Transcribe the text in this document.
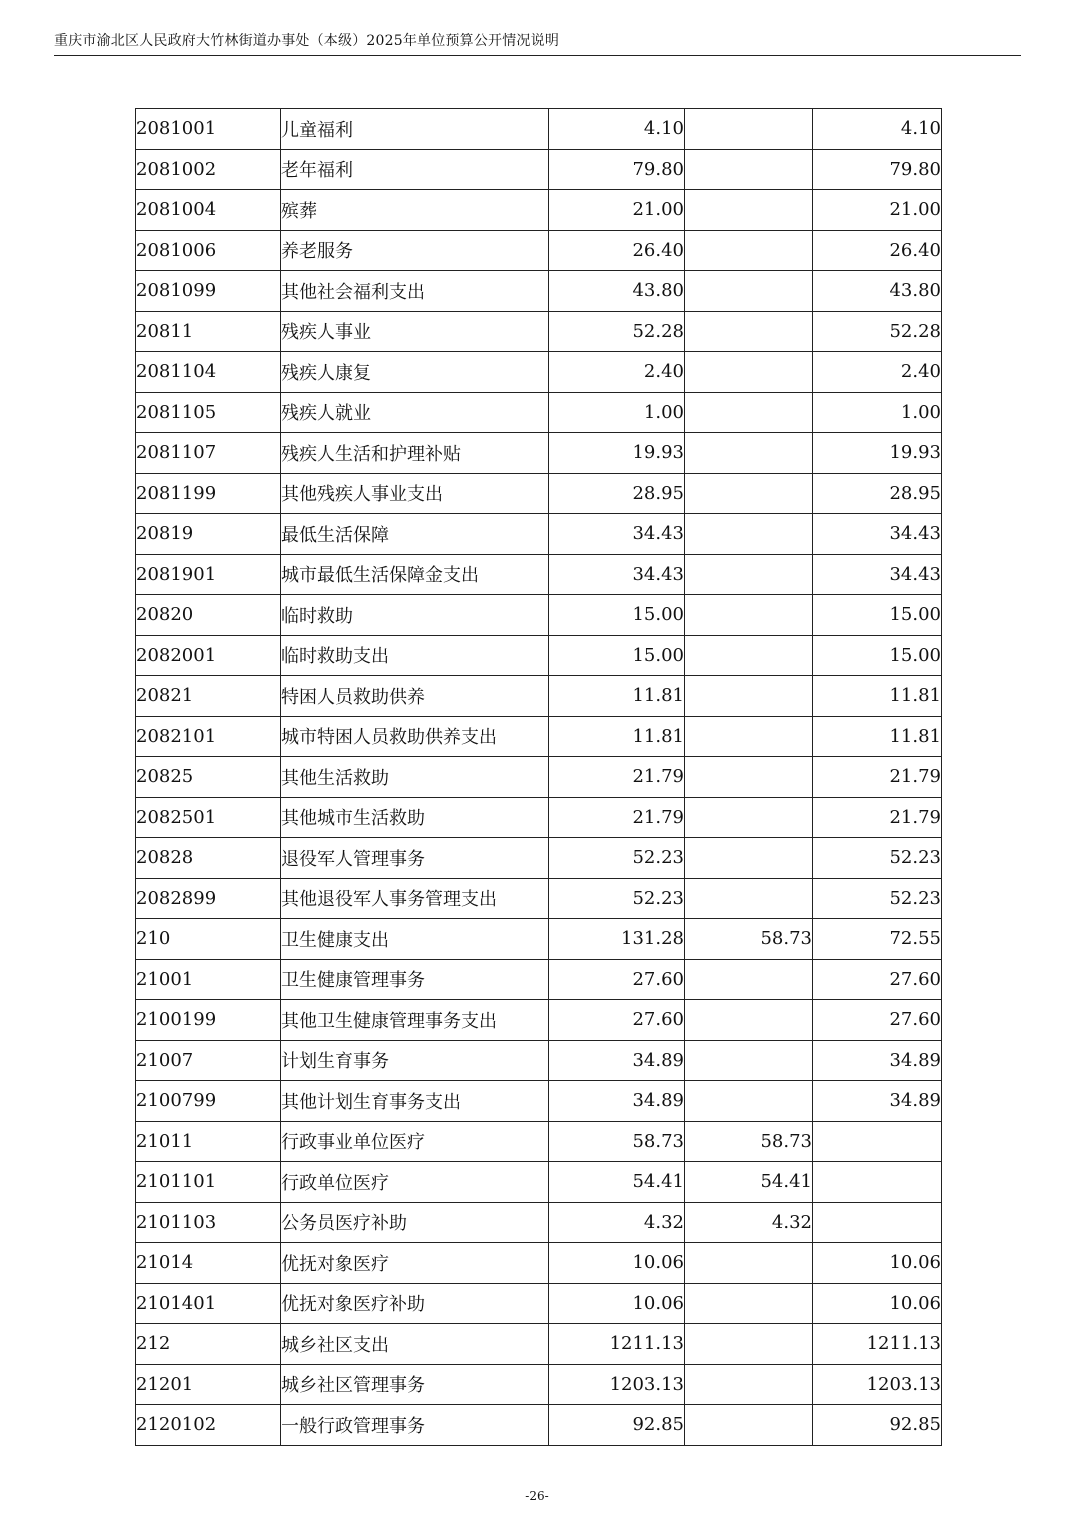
重庆市渝北区人民政府大竹林街道办事处（本级）2025年单位预算公开情况说明
2081001	儿童福利	4.10		4.10
2081002	老年福利	79.80		79.80
2081004	殡葬	21.00		21.00
2081006	养老服务	26.40		26.40
2081099	其他社会福利支出	43.80		43.80
20811	残疾人事业	52.28		52.28
2081104	残疾人康复	2.40		2.40
2081105	残疾人就业	1.00		1.00
2081107	残疾人生活和护理补贴	19.93		19.93
2081199	其他残疾人事业支出	28.95		28.95
20819	最低生活保障	34.43		34.43
2081901	城市最低生活保障金支出	34.43		34.43
20820	临时救助	15.00		15.00
2082001	临时救助支出	15.00		15.00
20821	特困人员救助供养	11.81		11.81
2082101	城市特困人员救助供养支出	11.81		11.81
20825	其他生活救助	21.79		21.79
2082501	其他城市生活救助	21.79		21.79
20828	退役军人管理事务	52.23		52.23
2082899	其他退役军人事务管理支出	52.23		52.23
210	卫生健康支出	131.28	58.73	72.55
21001	卫生健康管理事务	27.60		27.60
2100199	其他卫生健康管理事务支出	27.60		27.60
21007	计划生育事务	34.89		34.89
2100799	其他计划生育事务支出	34.89		34.89
21011	行政事业单位医疗	58.73	58.73	
2101101	行政单位医疗	54.41	54.41	
2101103	公务员医疗补助	4.32	4.32	
21014	优抚对象医疗	10.06		10.06
2101401	优抚对象医疗补助	10.06		10.06
212	城乡社区支出	1211.13		1211.13
21201	城乡社区管理事务	1203.13		1203.13
2120102	一般行政管理事务	92.85		92.85
-26-
